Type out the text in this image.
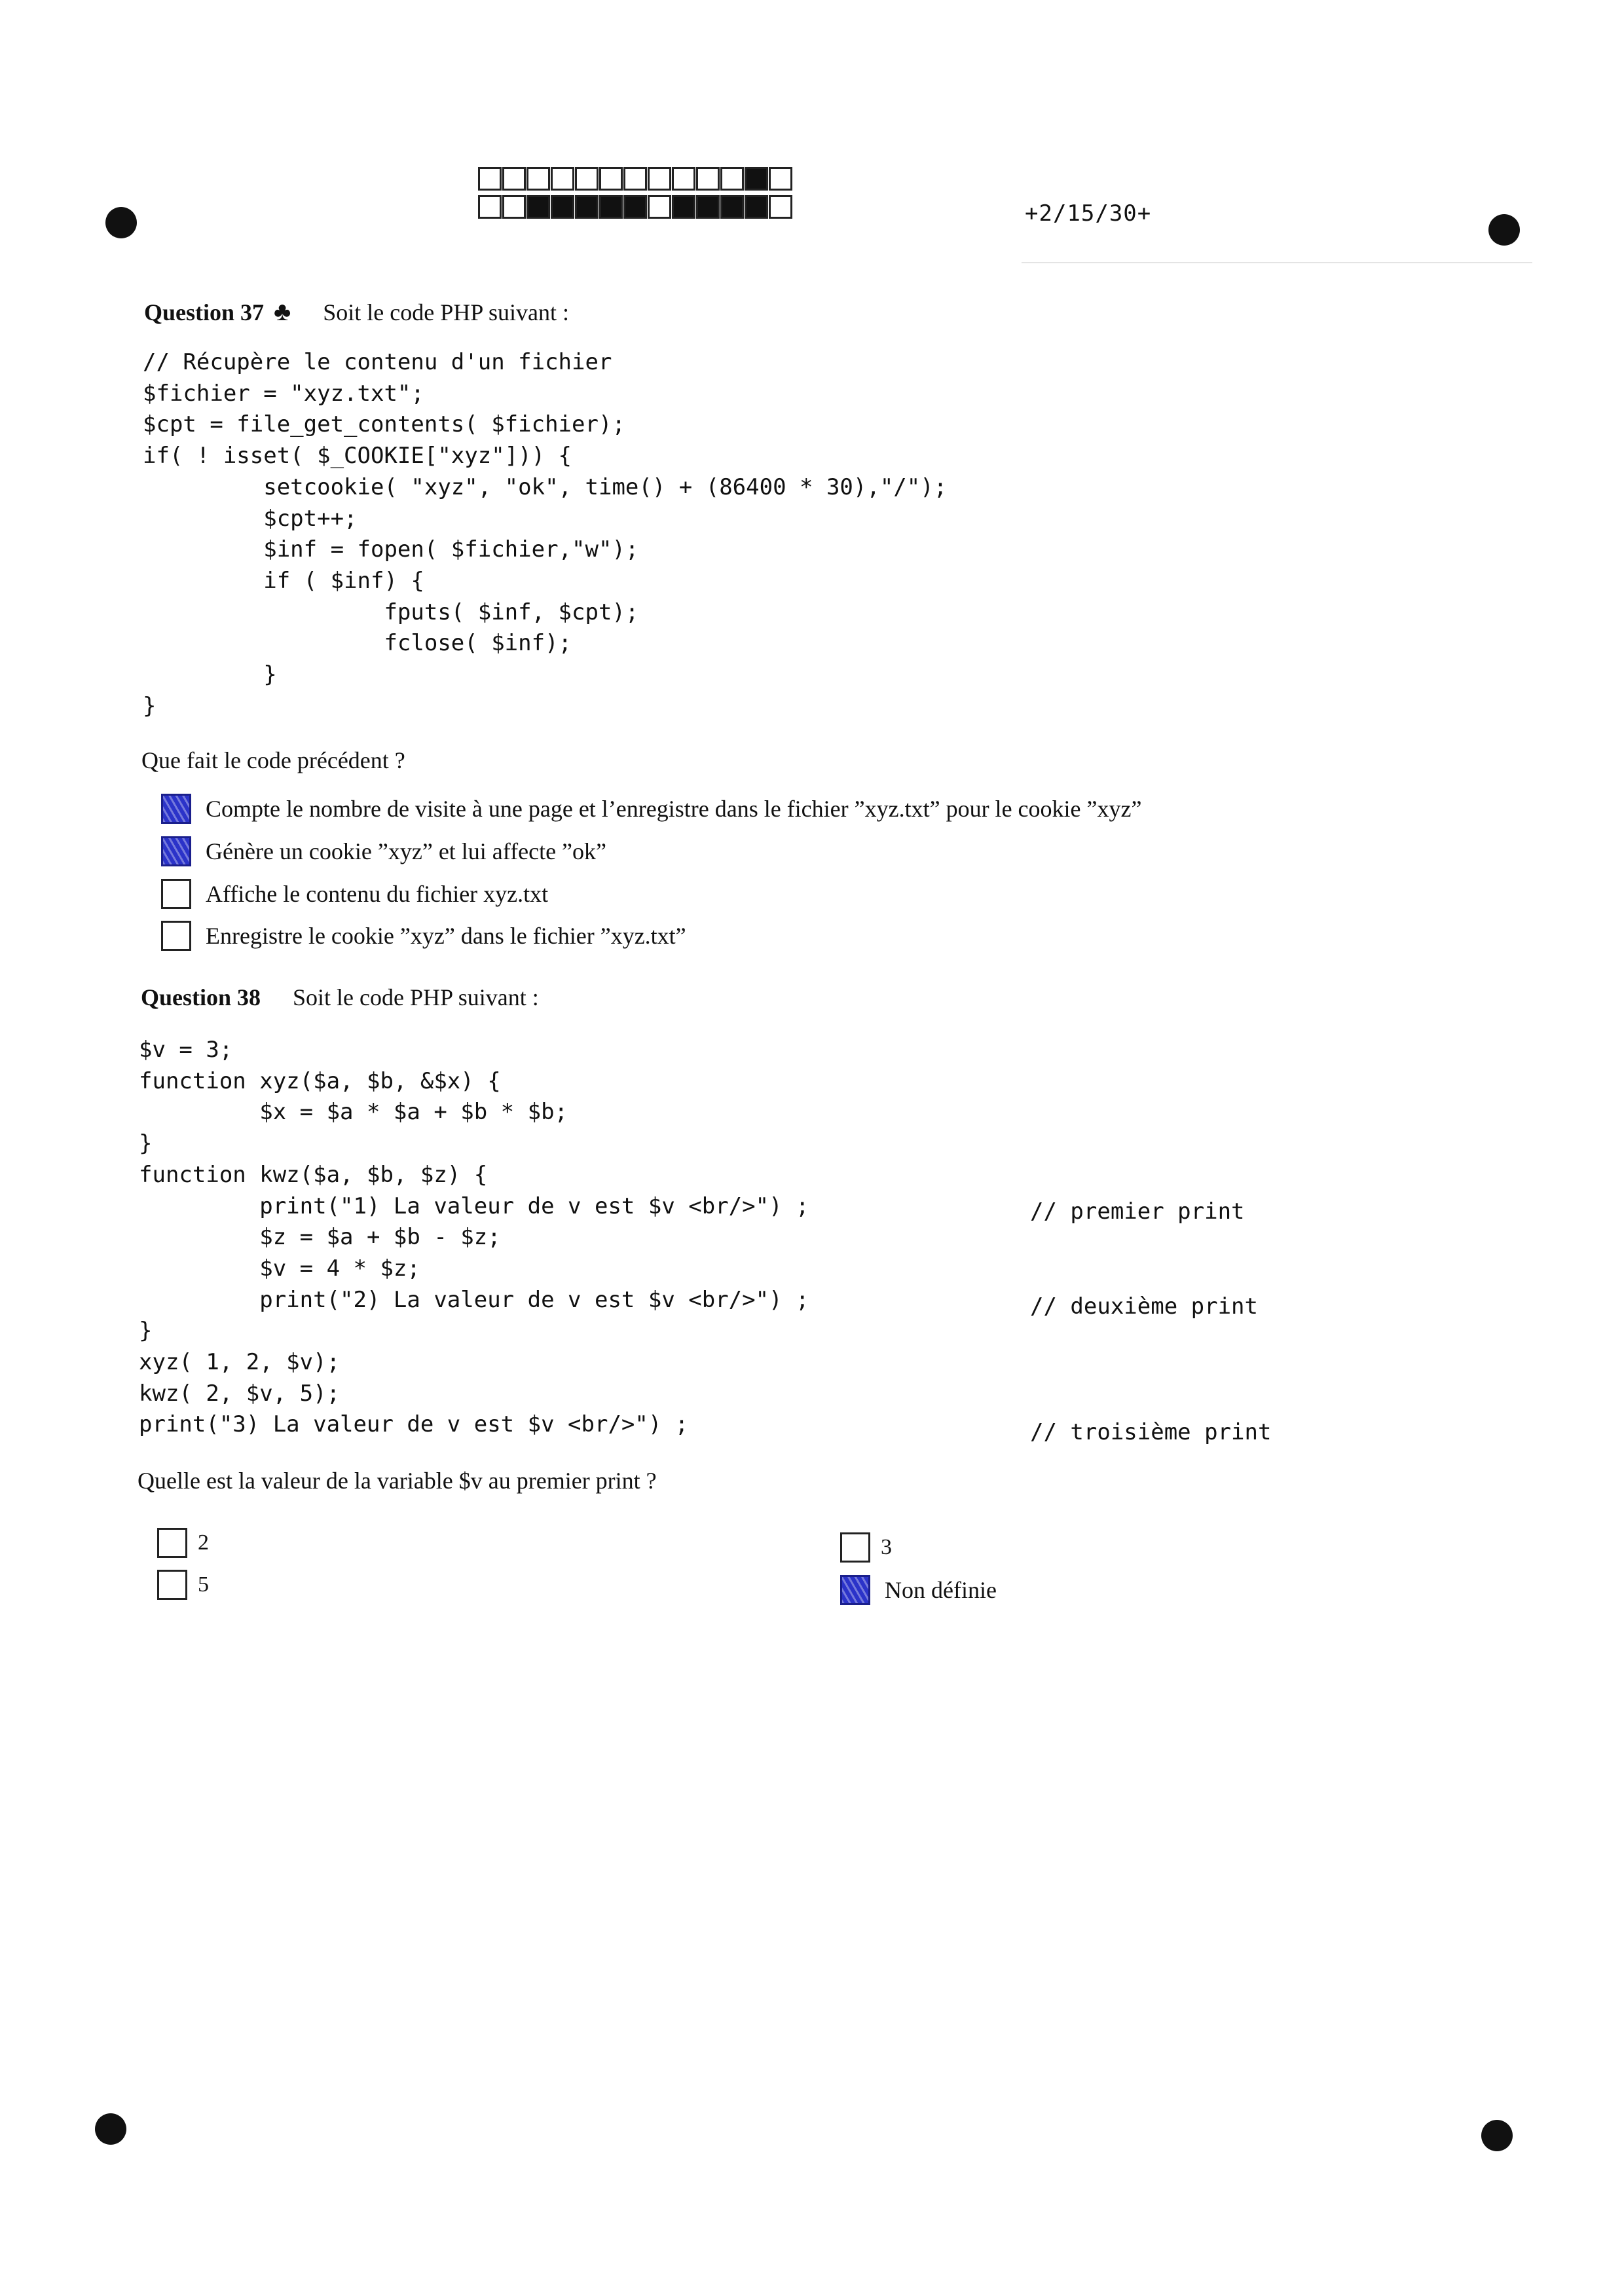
+2/15/30+
Question 37 ♣ Soit le code PHP suivant :
// Récupère le contenu d'un fichier
$fichier = "xyz.txt";
$cpt = file_get_contents( $fichier);
if( ! isset( $_COOKIE["xyz"])) {
setcookie( "xyz", "ok", time() + (86400 * 30),"/");
$cpt++;
$inf = fopen( $fichier,"w");
if ( $inf) {
fputs( $inf, $cpt);
fclose( $inf);
}
}
Que fait le code précédent ?
Compte le nombre de visite à une page et l’enregistre dans le fichier ”xyz.txt” pour le cookie ”xyz”
Génère un cookie ”xyz” et lui affecte ”ok”
Affiche le contenu du fichier xyz.txt
Enregistre le cookie ”xyz” dans le fichier ”xyz.txt”
Question 38 Soit le code PHP suivant :
$v = 3;
function xyz($a, $b, &$x) {
$x = $a * $a + $b * $b;
}
function kwz($a, $b, $z) {
print("1) La valeur de v est $v <br/>") ;
$z = $a + $b - $z;
$v = 4 * $z;
print("2) La valeur de v est $v <br/>") ;
}
xyz( 1, 2, $v);
kwz( 2, $v, 5);
print("3) La valeur de v est $v <br/>") ;
// premier print
// deuxième print
// troisième print
Quelle est la valeur de la variable $v au premier print ?
2
5
3
Non définie
